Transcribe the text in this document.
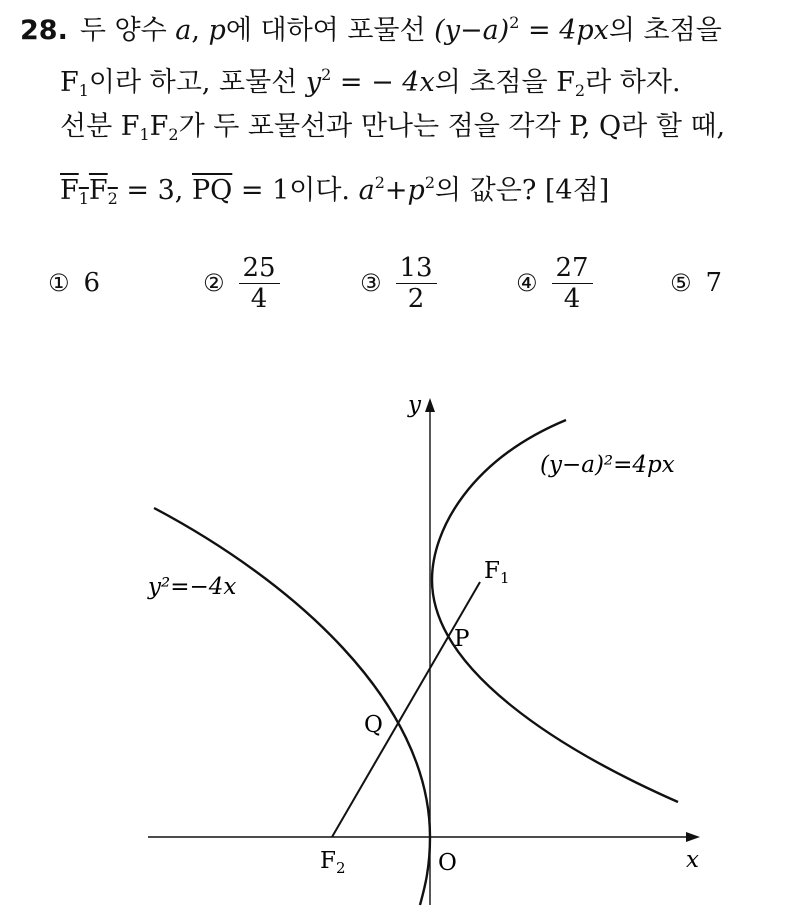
28. 두 양수 a, p에 대하여 포물선 $(y-a)^2 = 4px$의 초점을
$F_1$이라 하고, 포물선 $y^2$ = − 4x의 초점을 $F_2$라 하자.
선분 $F_1F_2$가 두 포물선과 만나는 점을 각각 P, Q라 할 때,
$F_1F_2 = 3$, $\overline{PQ} = 1$이다. $a^2+p^2$의 값은? [4점]
① 6	② $\frac{25}{4}$	③ $\frac{13}{2}$	④ $\frac{27}{4}$	⑤ 7
(y−a)²=4px
y²=−4x
y
x
O
$F_1$
$F_2$
P
Q
